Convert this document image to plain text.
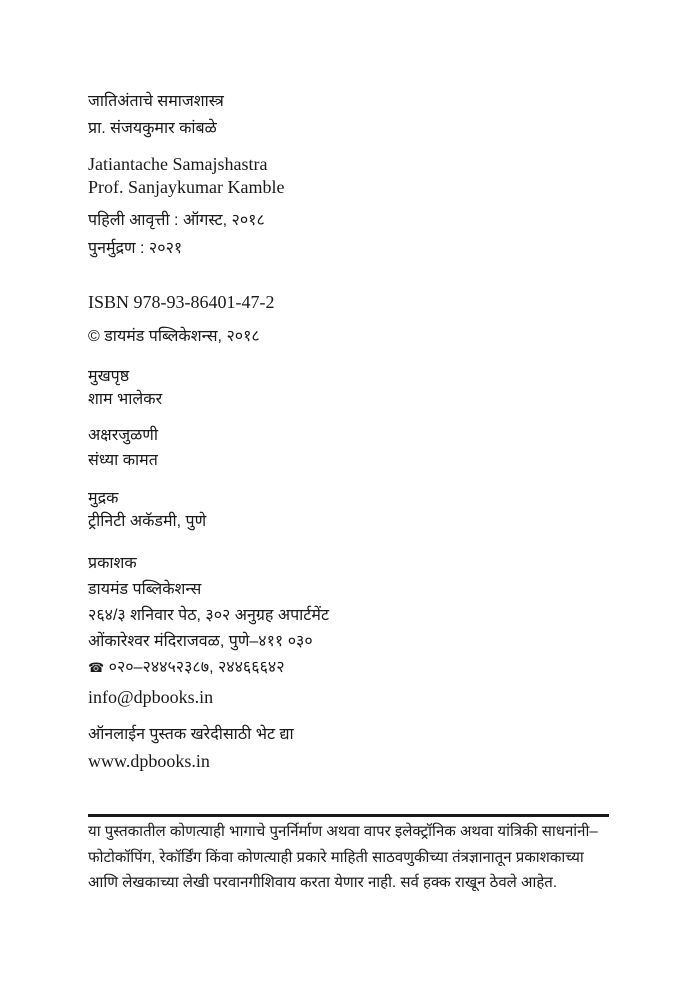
जातिअंताचे समाजशास्त्र
प्रा. संजयकुमार कांबळे
Jatiantache Samajshastra
Prof. Sanjaykumar Kamble
पहिली आवृत्ती : ऑगस्ट, २०१८
पुनर्मुद्रण : २०२१
ISBN 978-93-86401-47-2
© डायमंड पब्लिकेशन्स, २०१८
मुखपृष्ठ
शाम भालेकर
अक्षरजुळणी
संध्या कामत
मुद्रक
ट्रीनिटी अकॅडमी, पुणे
प्रकाशक
डायमंड पब्लिकेशन्स
२६४/३ शनिवार पेठ, ३०२ अनुग्रह अपार्टमेंट
ओंकारेश्वर मंदिराजवळ, पुणे–४११ ०३०
☎ ०२०–२४४५२३८७, २४४६६६४२
info@dpbooks.in
ऑनलाईन पुस्तक खरेदीसाठी भेट द्या
www.dpbooks.in
या पुस्तकातील कोणत्याही भागाचे पुनर्निर्माण अथवा वापर इलेक्ट्रॉनिक अथवा यांत्रिकी साधनांनी–
फोटोकॉपिंग, रेकॉर्डिंग किंवा कोणत्याही प्रकारे माहिती साठवणुकीच्या तंत्रज्ञानातून प्रकाशकाच्या
आणि लेखकाच्या लेखी परवानगीशिवाय करता येणार नाही. सर्व हक्क राखून ठेवले आहेत.
